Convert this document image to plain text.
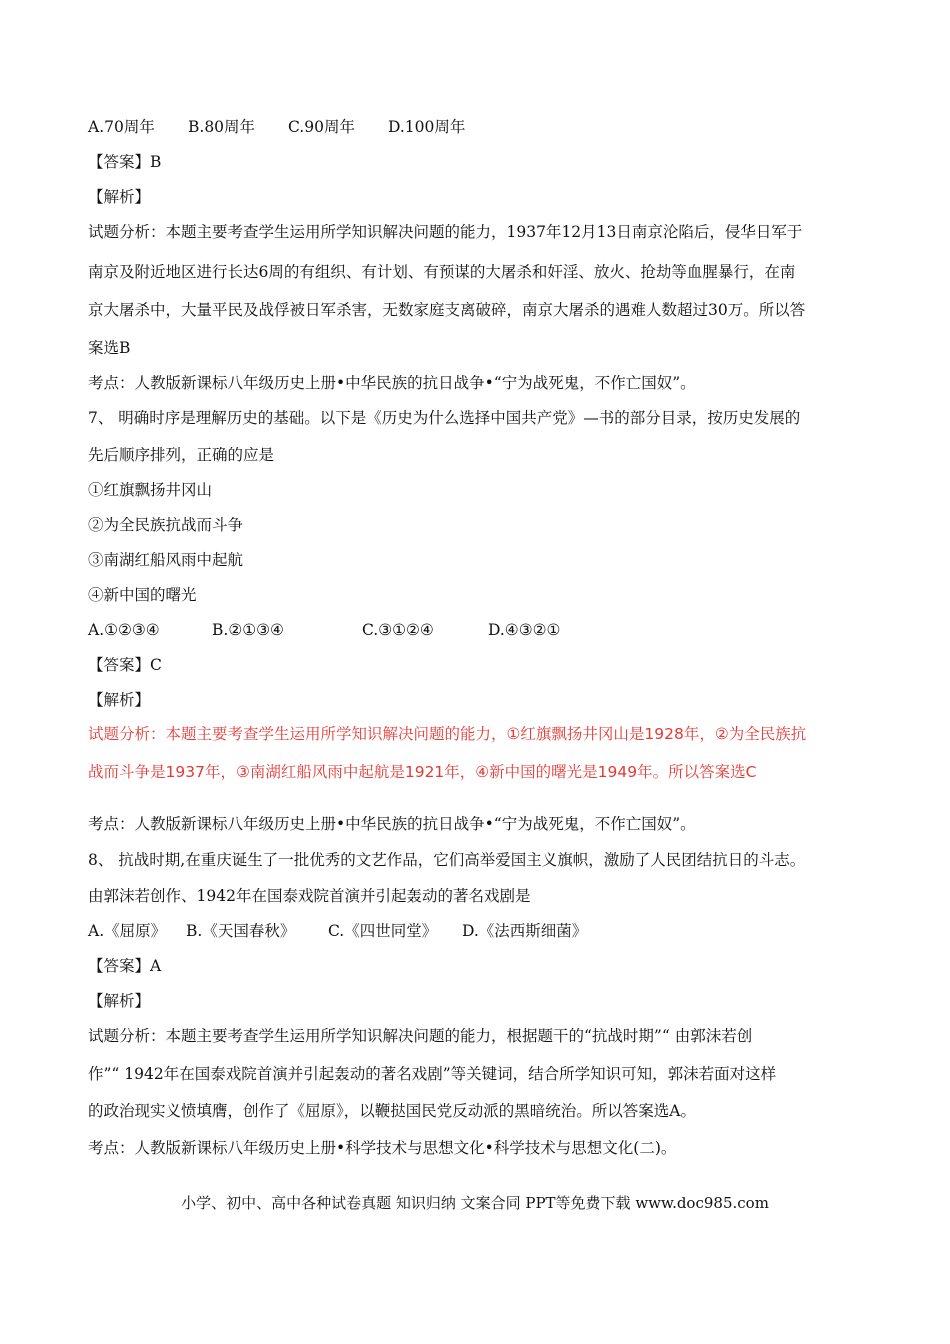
A.70周年 B.80周年 C.90周年 D.100周年
【答案】B
【解析】
试题分析：本题主要考查学生运用所学知识解决问题的能力，1937年12月13日南京沦陷后，侵华日军于
南京及附近地区进行长达6周的有组织、有计划、有预谋的大屠杀和奸淫、放火、抢劫等血腥暴行，在南
京大屠杀中，大量平民及战俘被日军杀害，无数家庭支离破碎，南京大屠杀的遇难人数超过30万。所以答
案选B
考点：人教版新课标八年级历史上册•中华民族的抗日战争•“宁为战死鬼，不作亡国奴”。
7、 明确时序是理解历史的基础。以下是《历史为什么选择中国共产党》—书的部分目录，按历史发展的
先后顺序排列，正确的应是
①红旗飘扬井冈山
②为全民族抗战而斗争
③南湖红船风雨中起航
④新中国的曙光
A.①②③④	B.②①③④	C.③①②④	D.④③②①
【答案】C
【解析】
试题分析：本题主要考查学生运用所学知识解决问题的能力，①红旗飘扬井冈山是1928年，②为全民族抗
战而斗争是1937年，③南湖红船风雨中起航是1921年，④新中国的曙光是1949年。所以答案选C
考点：人教版新课标八年级历史上册•中华民族的抗日战争•“宁为战死鬼，不作亡国奴”。
8、 抗战时期,在重庆诞生了一批优秀的文艺作品，它们高举爱国主义旗帜，激励了人民团结抗日的斗志。
由郭沫若创作、1942年在国泰戏院首演并引起轰动的著名戏剧是
A.《屈原》 B.《天国春秋》 C.《四世同堂》 D.《法西斯细菌》
【答案】A
【解析】
试题分析：本题主要考查学生运用所学知识解决问题的能力，根据题干的“抗战时期”“ 由郭沫若创
作”“ 1942年在国泰戏院首演并引起轰动的著名戏剧”等关键词，结合所学知识可知，郭沫若面对这样
的政治现实义愤填膺，创作了《屈原》，以鞭挞国民党反动派的黑暗统治。所以答案选A。
考点：人教版新课标八年级历史上册•科学技术与思想文化•科学技术与思想文化(二)。
小学、初中、高中各种试卷真题 知识归纳 文案合同 PPT等免费下载 www.doc985.com
